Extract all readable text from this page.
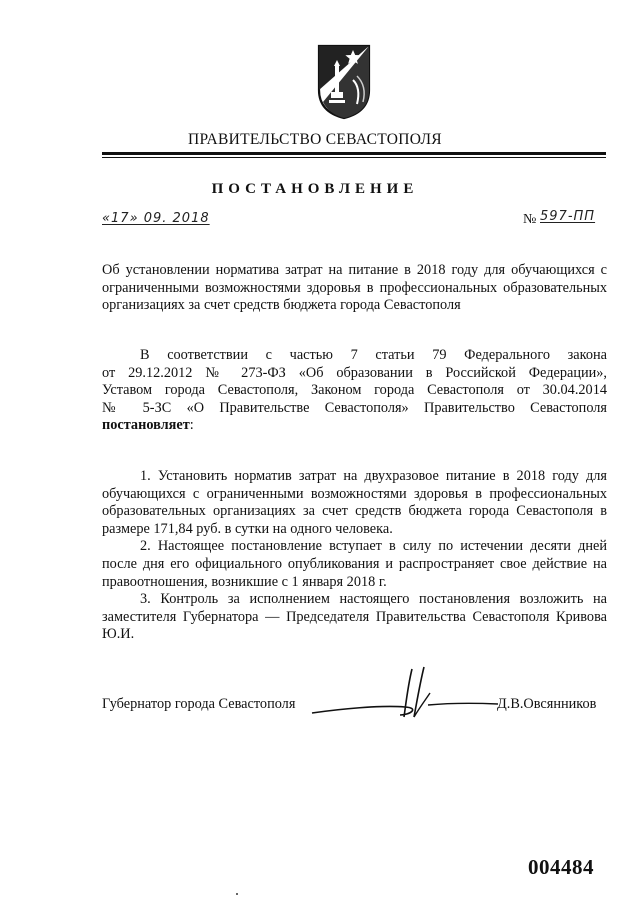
ПРАВИТЕЛЬСТВО СЕВАСТОПОЛЯ
ПОСТАНОВЛЕНИЕ
«17» 09. 2018	№ 597-ПП
Об установлении норматива затрат на питание в 2018 году для обучающихся с ограниченными возможностями здоровья в профессиональных образовательных организациях за счет средств бюджета города Севастополя

В соответствии с частью 7 статьи 79 Федерального закона

от 29.12.2012 № 273-ФЗ «Об образовании в Российской Федерации»,

Уставом города Севастополя, Законом города Севастополя от 30.04.2014

№ 5-ЗС «О Правительстве Севастополя» Правительство Севастополя

постановляет:

1. Установить норматив затрат на двухразовое питание в 2018 году для обучающихся с ограниченными возможностями здоровья в профессиональных образовательных организациях за счет средств бюджета города Севастополя в размере 171,84 руб. в сутки на одного человека.

2. Настоящее постановление вступает в силу по истечении десяти дней после дня его официального опубликования и распространяет свое действие на правоотношения, возникшие с 1 января 2018 г.

3. Контроль за исполнением настоящего постановления возложить на заместителя Губернатора — Председателя Правительства Севастополя Кривова Ю.И.

Губернатор города Севастополя	Д.В.Овсянников
004484
